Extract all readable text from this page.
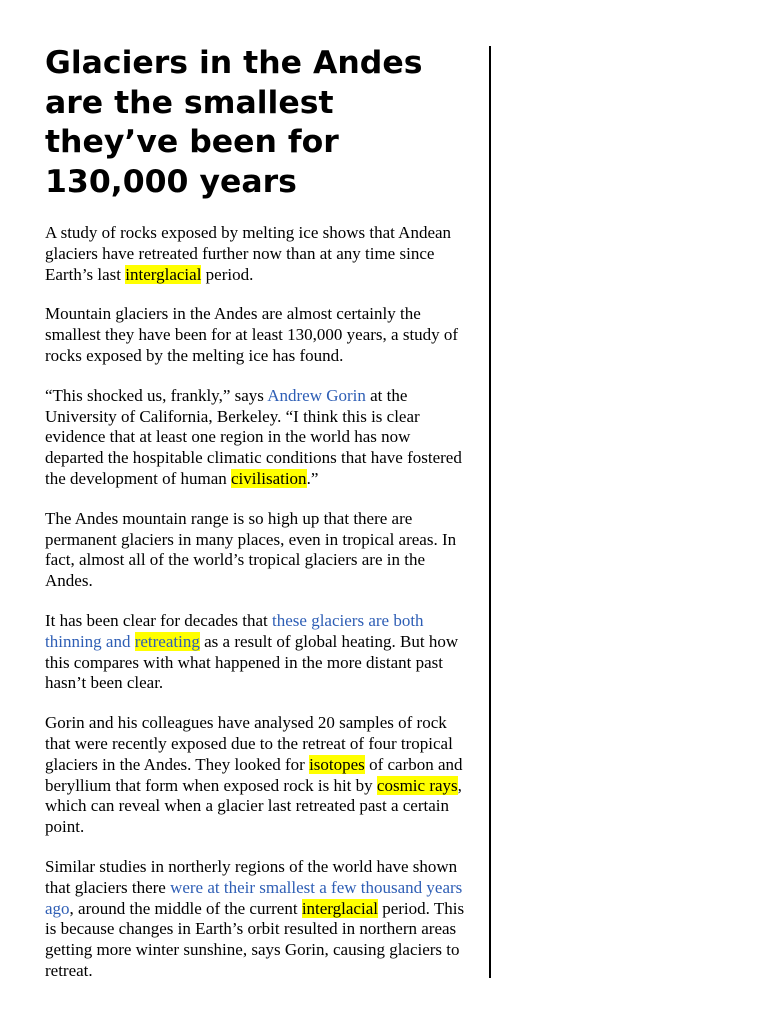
Glaciers in the Andes are the smallest they’ve been for 130,000 years

A study of rocks exposed by melting ice shows that Andean glaciers have retreated further now than at any time since Earth’s last interglacial period.

Mountain glaciers in the Andes are almost certainly the smallest they have been for at least 130,000 years, a study of rocks exposed by the melting ice has found.

“This shocked us, frankly,” says Andrew Gorin at the University of California, Berkeley. “I think this is clear evidence that at least one region in the world has now departed the hospitable climatic conditions that have fostered the development of human civilisation.”

The Andes mountain range is so high up that there are permanent glaciers in many places, even in tropical areas. In fact, almost all of the world’s tropical glaciers are in the Andes.

It has been clear for decades that these glaciers are both thinning and retreating as a result of global heating. But how this compares with what happened in the more distant past hasn’t been clear.

Gorin and his colleagues have analysed 20 samples of rock that were recently exposed due to the retreat of four tropical glaciers in the Andes. They looked for isotopes of carbon and beryllium that form when exposed rock is hit by cosmic rays, which can reveal when a glacier last retreated past a certain point.

Similar studies in northerly regions of the world have shown that glaciers there were at their smallest a few thousand years ago, around the middle of the current interglacial period. This is because changes in Earth’s orbit resulted in northern areas getting more winter sunshine, says Gorin, causing glaciers to retreat.
